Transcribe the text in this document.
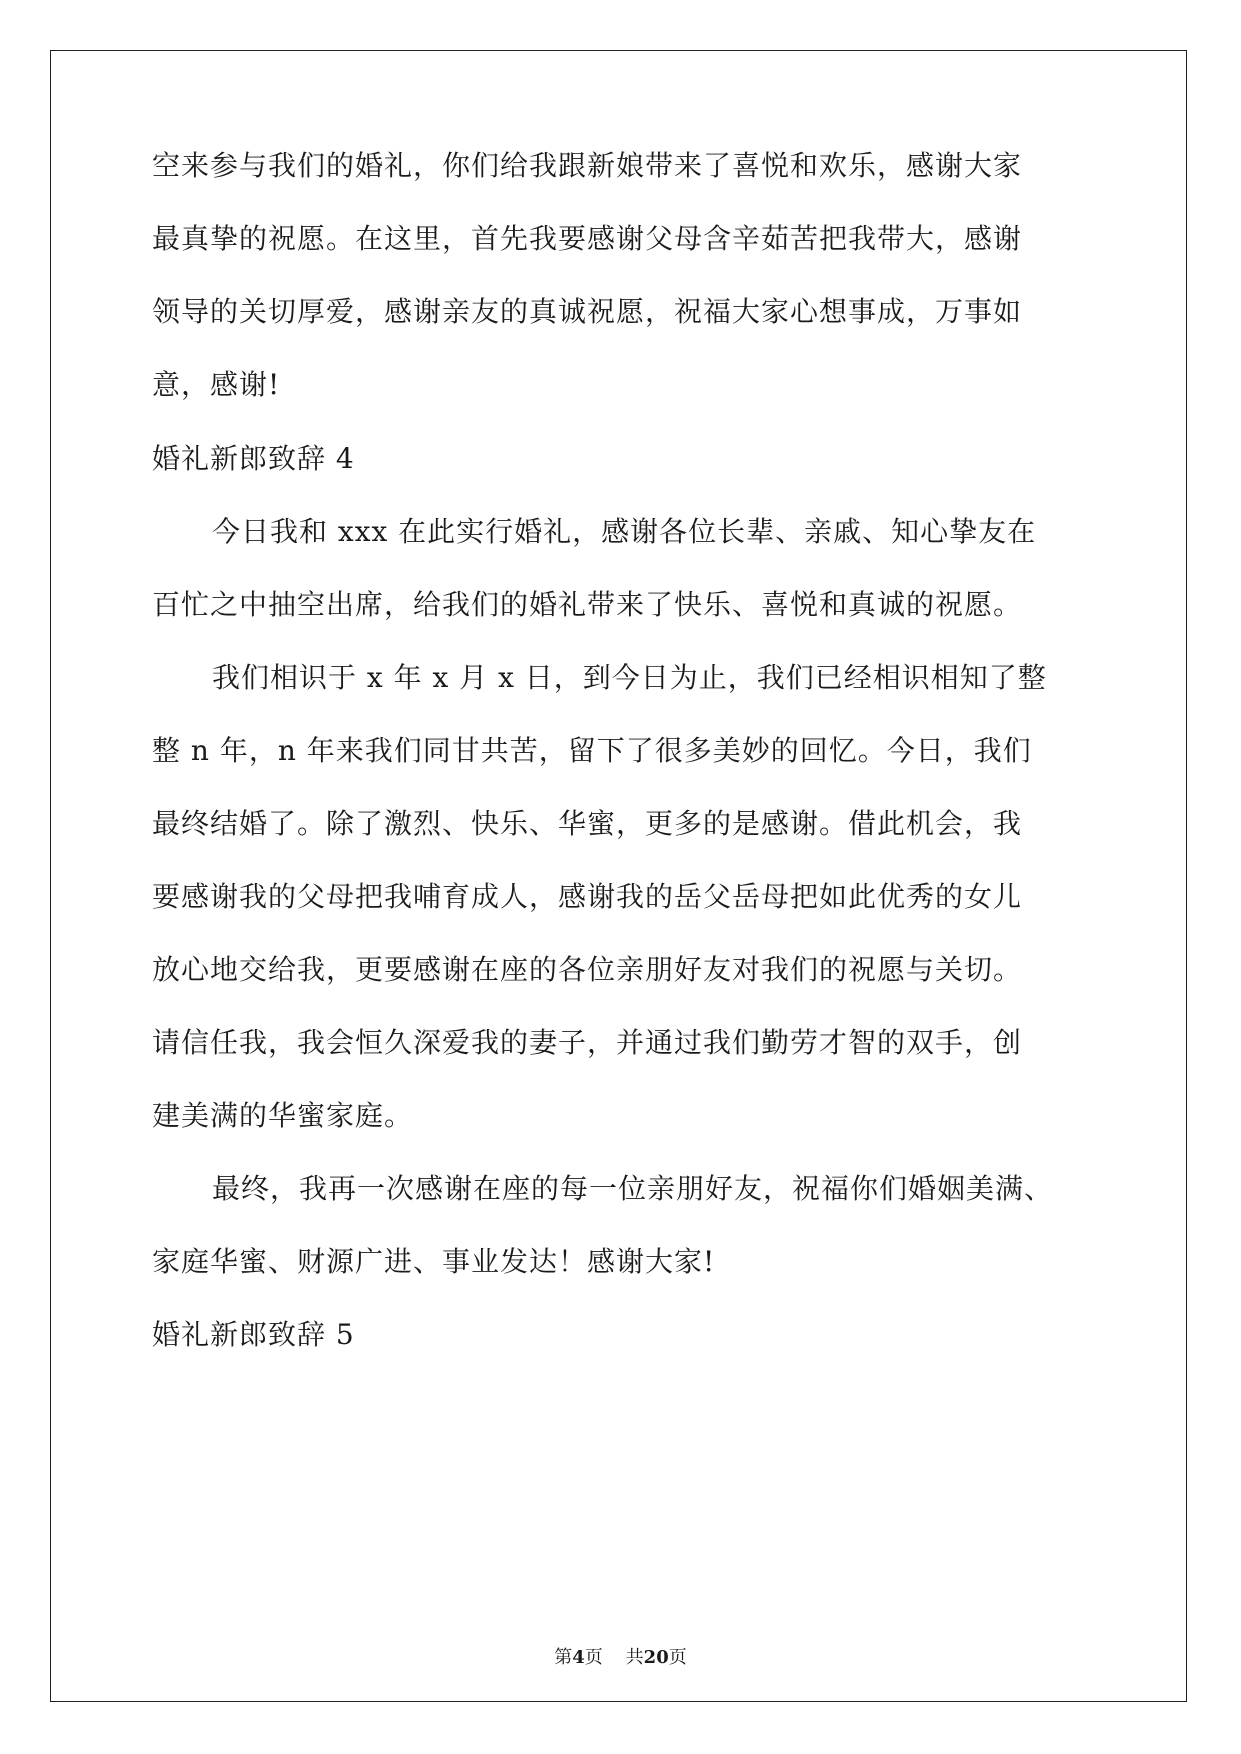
空来参与我们的婚礼，你们给我跟新娘带来了喜悦和欢乐，感谢大家
最真挚的祝愿。在这里，首先我要感谢父母含辛茹苦把我带大，感谢
领导的关切厚爱，感谢亲友的真诚祝愿，祝福大家心想事成，万事如
意，感谢!
婚礼新郎致辞 4
今日我和 xxx 在此实行婚礼，感谢各位长辈、亲戚、知心挚友在
百忙之中抽空出席，给我们的婚礼带来了快乐、喜悦和真诚的祝愿。
我们相识于 x 年 x 月 x 日，到今日为止，我们已经相识相知了整
整 n 年，n 年来我们同甘共苦，留下了很多美妙的回忆。今日，我们
最终结婚了。除了激烈、快乐、华蜜，更多的是感谢。借此机会，我
要感谢我的父母把我哺育成人，感谢我的岳父岳母把如此优秀的女儿
放心地交给我，更要感谢在座的各位亲朋好友对我们的祝愿与关切。
请信任我，我会恒久深爱我的妻子，并通过我们勤劳才智的双手，创
建美满的华蜜家庭。
最终，我再一次感谢在座的每一位亲朋好友，祝福你们婚姻美满、
家庭华蜜、财源广进、事业发达！感谢大家!
婚礼新郎致辞 5
第4页 共20页
